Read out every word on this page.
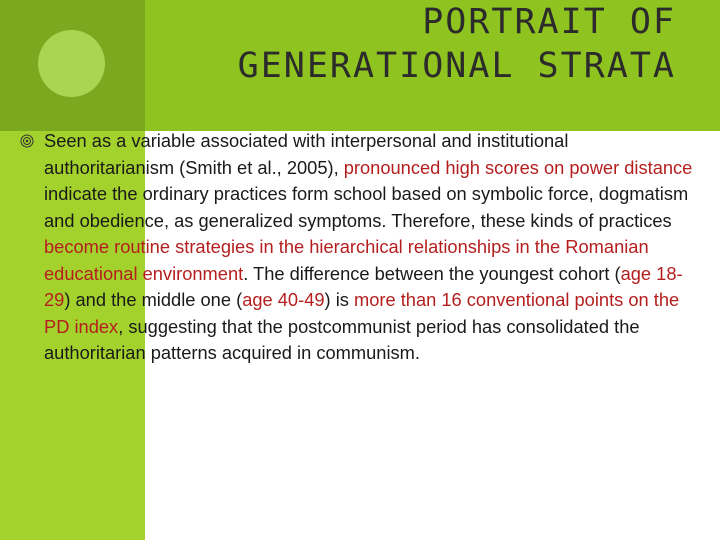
PORTRAIT OF
GENERATIONAL STRATA

Seen as a variable associated with interpersonal and institutional authoritarianism (Smith et al., 2005), pronounced high scores on power distance indicate the ordinary practices form school based on symbolic force, dogmatism and obedience, as generalized symptoms. Therefore, these kinds of practices become routine strategies in the hierarchical relationships in the Romanian educational environment. The difference between the youngest cohort (age 18-29) and the middle one (age 40-49) is more than 16 conventional points on the PD index, suggesting that the postcommunist period has consolidated the authoritarian patterns acquired in communism.
